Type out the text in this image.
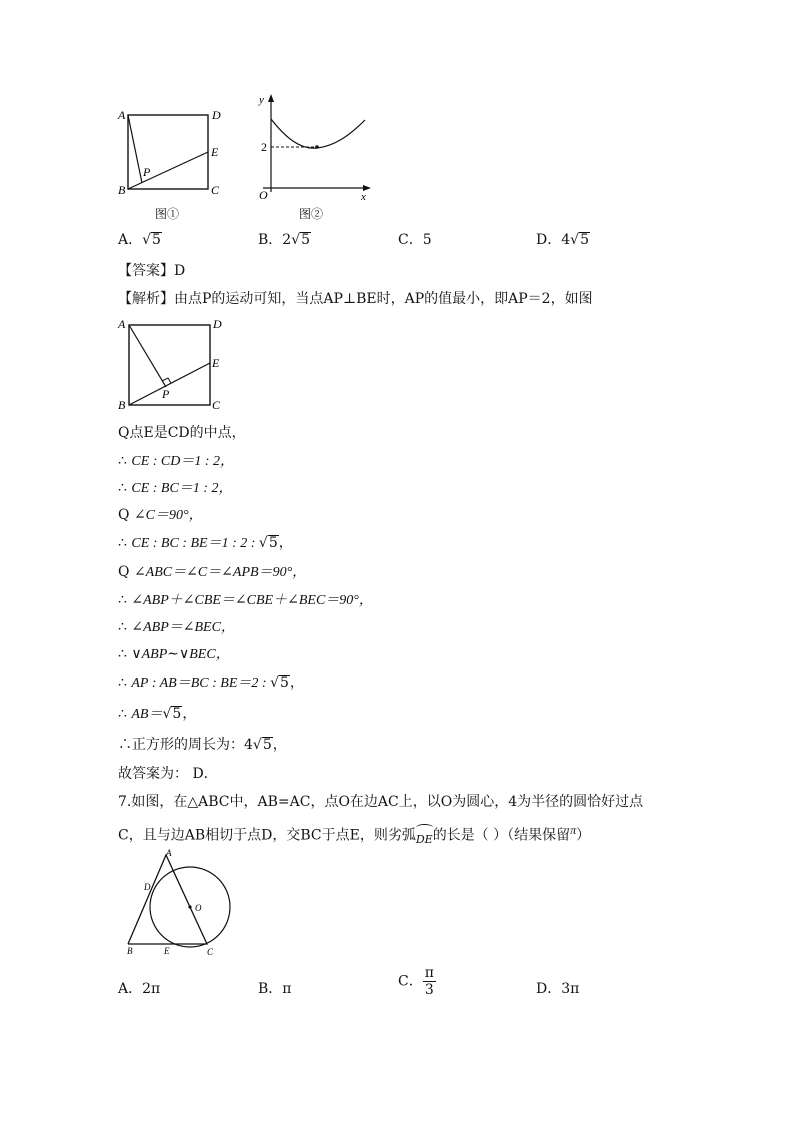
A	D
E
P
B	C
图①
y
2
O	x
图②
A．√5	B．2√5	C．5	D．4√5
【答案】D
【解析】由点P的运动可知，当点AP⊥BE时，AP的值最小，即AP＝2，如图
A	D
E
P
B	C
Q点E是CD的中点，
∴ CE : CD＝1 : 2，
∴ CE : BC＝1 : 2，
Q ∠C＝90°，
∴ CE : BC : BE＝1 : 2 : √5，
Q ∠ABC＝∠C＝∠APB＝90°，
∴ ∠ABP＋∠CBE＝∠CBE＋∠BEC＝90°，
∴ ∠ABP＝∠BEC，
∴ ∨ABP∼∨BEC，
∴ AP : AB＝BC : BE＝2 : √5，
∴ AB＝√5，
∴正方形的周长为：4√5，
故答案为： D．
7.如图，在△ABC中，AB=AC，点O在边AC上，以O为圆心，4为半径的圆恰好过点
C，且与边AB相切于点D，交BC于点E，则劣弧
DE的长是（ ）（结果保留$^\pi$）
A
D
O
B	E	C
A．2π	B．π	C． $\frac{\pi}{3}$	D．3π
